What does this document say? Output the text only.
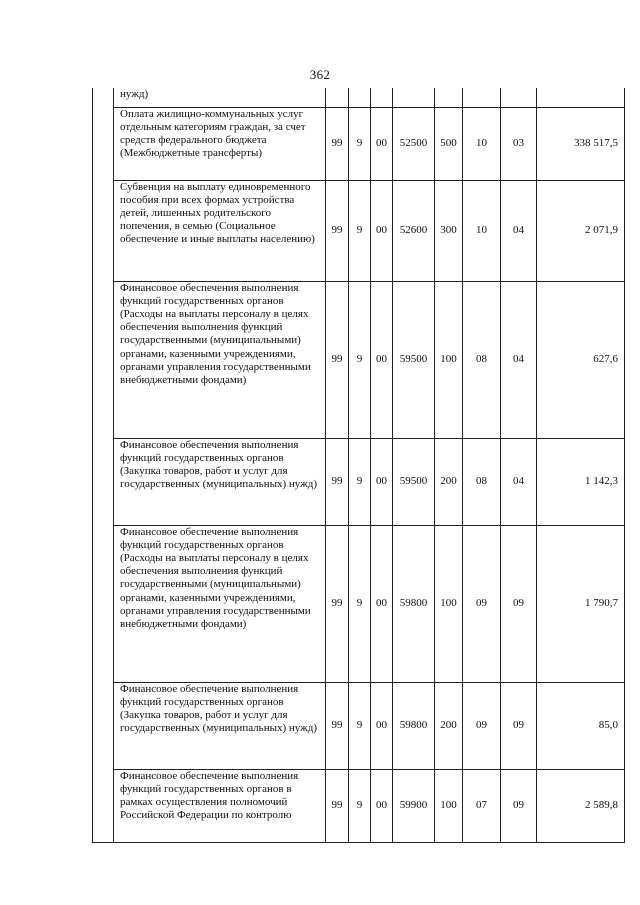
362
	нужд)								
	Оплата жилищно-коммунальных услуг отдельным категориям граждан, за счет средств федерального бюджета (Межбюджетные трансферты)	99	9	00	52500	500	10	03	338 517,5
	Субвенция на выплату единовременного пособия при всех формах устройства детей, лишенных родительского попечения, в семью (Социальное обеспечение и иные выплаты населению)	99	9	00	52600	300	10	04	2 071,9
	Финансовое обеспечения выполнения функций государственных органов (Расходы на выплаты персоналу в целях обеспечения выполнения функций государственными (муниципальными) органами, казенными учреждениями, органами управления государственными внебюджетными фондами)	99	9	00	59500	100	08	04	627,6
	Финансовое обеспечения выполнения функций государственных органов (Закупка товаров, работ и услуг для государственных (муниципальных) нужд)	99	9	00	59500	200	08	04	1 142,3
	Финансовое обеспечение выполнения функций государственных органов (Расходы на выплаты персоналу в целях обеспечения выполнения функций государственными (муниципальными) органами, казенными учреждениями, органами управления государственными внебюджетными фондами)	99	9	00	59800	100	09	09	1 790,7
	Финансовое обеспечение выполнения функций государственных органов (Закупка товаров, работ и услуг для государственных (муниципальных) нужд)	99	9	00	59800	200	09	09	85,0
	Финансовое обеспечение выполнения функций государственных органов в рамках осуществления полномочий Российской Федерации по контролю	99	9	00	59900	100	07	09	2 589,8
